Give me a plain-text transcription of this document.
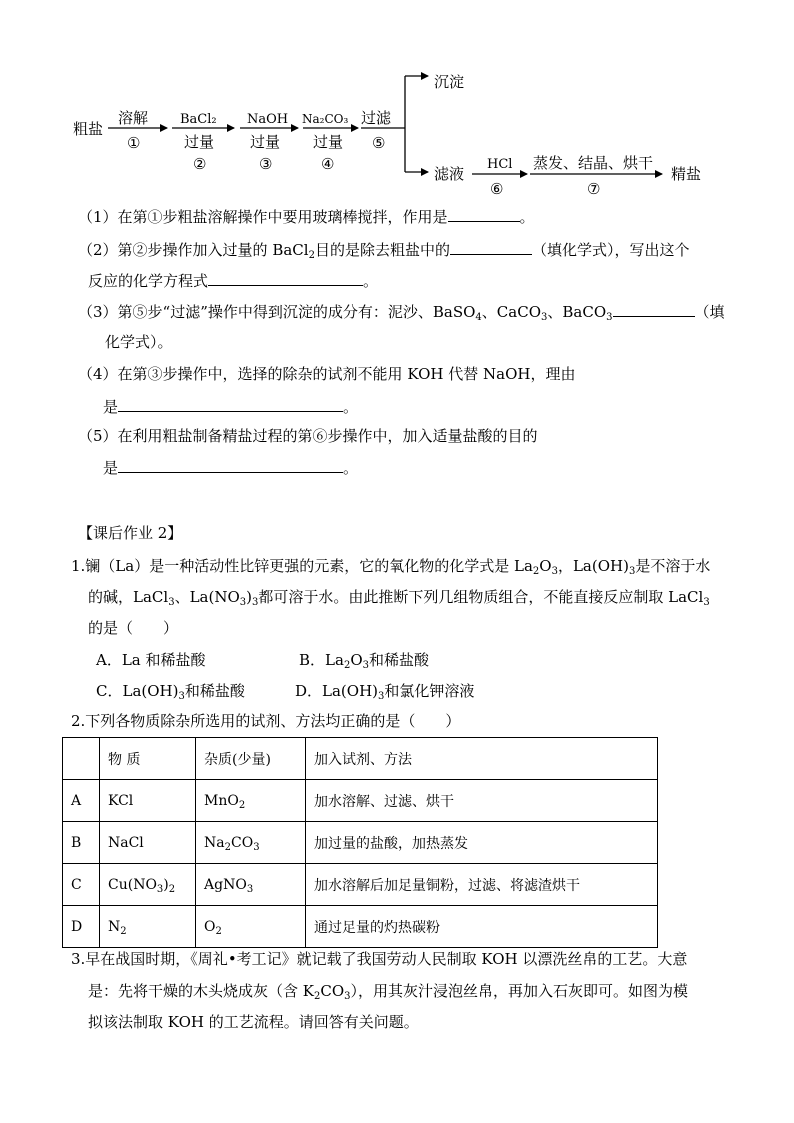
粗盐
溶解
①
BaCl₂
过量
②
NaOH
过量
③
Na₂CO₃
过量
④
过滤
⑤
沉淀
滤液
HCl
⑥
蒸发、结晶、烘干
⑦
精盐
（1）在第①步粗盐溶解操作中要用玻璃棒搅拌，作用是	。
（2）第②步操作加入过量的 BaCl$_2$目的是除去粗盐中的	（填化学式），写出这个
反应的化学方程式	。
（3）第⑤步“过滤”操作中得到沉淀的成分有：泥沙、BaSO$_4$、CaCO$_3$、BaCO$_3$	（填
化学式）。
（4）在第③步操作中，选择的除杂的试剂不能用 KOH 代替 NaOH，理由
是	。
（5）在利用粗盐制备精盐过程的第⑥步操作中，加入适量盐酸的目的
是	。
【课后作业 2】
1.镧（La）是一种活动性比锌更强的元素，它的氧化物的化学式是 $La_2O_3$，$La(OH)_3$是不溶于水
的碱，LaCl$_3$、$La(NO_3)_3$都可溶于水。由此推断下列几组物质组合，不能直接反应制取 LaCl$_3$
的是（　　）
A．La 和稀盐酸	B．$La_2O_3$和稀盐酸
C．$La(OH)_3$和稀盐酸	D．$La(OH)_3$和氯化钾溶液
2.下列各物质除杂所选用的试剂、方法均正确的是（　　）
	物 质	杂质(少量)	加入试剂、方法
A	KCl	MnO$_2$	加水溶解、过滤、烘干
B	NaCl	$Na_2CO_3$	加过量的盐酸，加热蒸发
C	$Cu(NO_3)_2$	AgNO$_3$	加水溶解后加足量铜粉，过滤、将滤渣烘干
D	$N_2$	$O_2$	通过足量的灼热碳粉
3.早在战国时期，《周礼•考工记》就记载了我国劳动人民制取 KOH 以漂洗丝帛的工艺。大意
是：先将干燥的木头烧成灰（含 $K_2CO_3$），用其灰汁浸泡丝帛，再加入石灰即可。如图为模
拟该法制取 KOH 的工艺流程。请回答有关问题。
